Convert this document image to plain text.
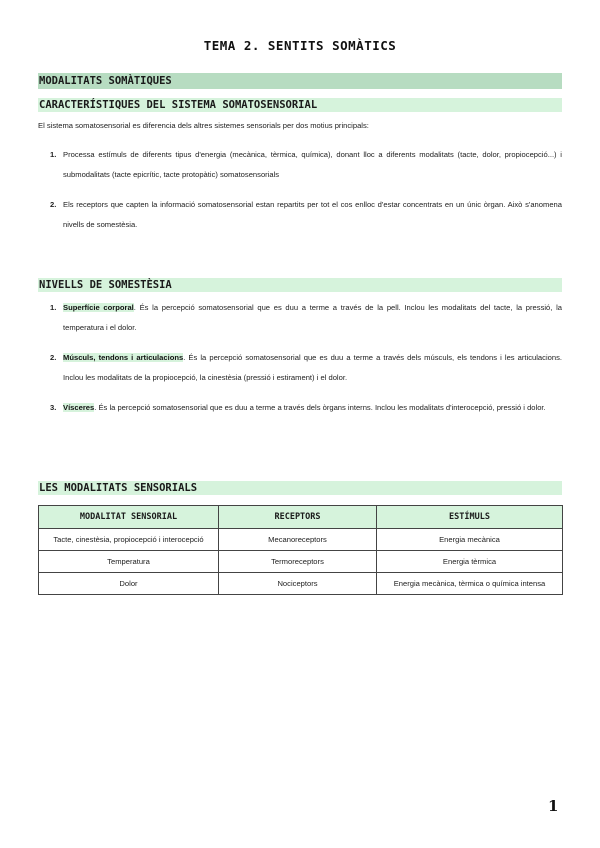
TEMA 2. SENTITS SOMÀTICS
MODALITATS SOMÀTIQUES
CARACTERÍSTIQUES DEL SISTEMA SOMATOSENSORIAL
El sistema somatosensorial es diferencia dels altres sistemes sensorials per dos motius principals:
1. Processa estímuls de diferents tipus d'energia (mecànica, tèrmica, química), donant lloc a diferents modalitats (tacte, dolor, propiocepció...) i submodalitats (tacte epicrític, tacte protopàtic) somatosensorials
2. Els receptors que capten la informació somatosensorial estan repartits per tot el cos enlloc d'estar concentrats en un únic òrgan. Això s'anomena nivells de somestèsia.
NIVELLS DE SOMESTÈSIA
1. Superfície corporal. És la percepció somatosensorial que es duu a terme a través de la pell. Inclou les modalitats del tacte, la pressió, la temperatura i el dolor.
2. Músculs, tendons i articulacions. És la percepció somatosensorial que es duu a terme a través dels músculs, els tendons i les articulacions. Inclou les modalitats de la propiocepció, la cinestèsia (pressió i estirament) i el dolor.
3. Vísceres. És la percepció somatosensorial que es duu a terme a través dels òrgans interns. Inclou les modalitats d'interocepció, pressió i dolor.
LES MODALITATS SENSORIALS
MODALITAT SENSORIAL	RECEPTORS	ESTÍMULS
Tacte, cinestèsia, propiocepció i interocepció	Mecanoreceptors	Energia mecànica
Temperatura	Termoreceptors	Energia tèrmica
Dolor	Nociceptors	Energia mecànica, tèrmica o química intensa
1
